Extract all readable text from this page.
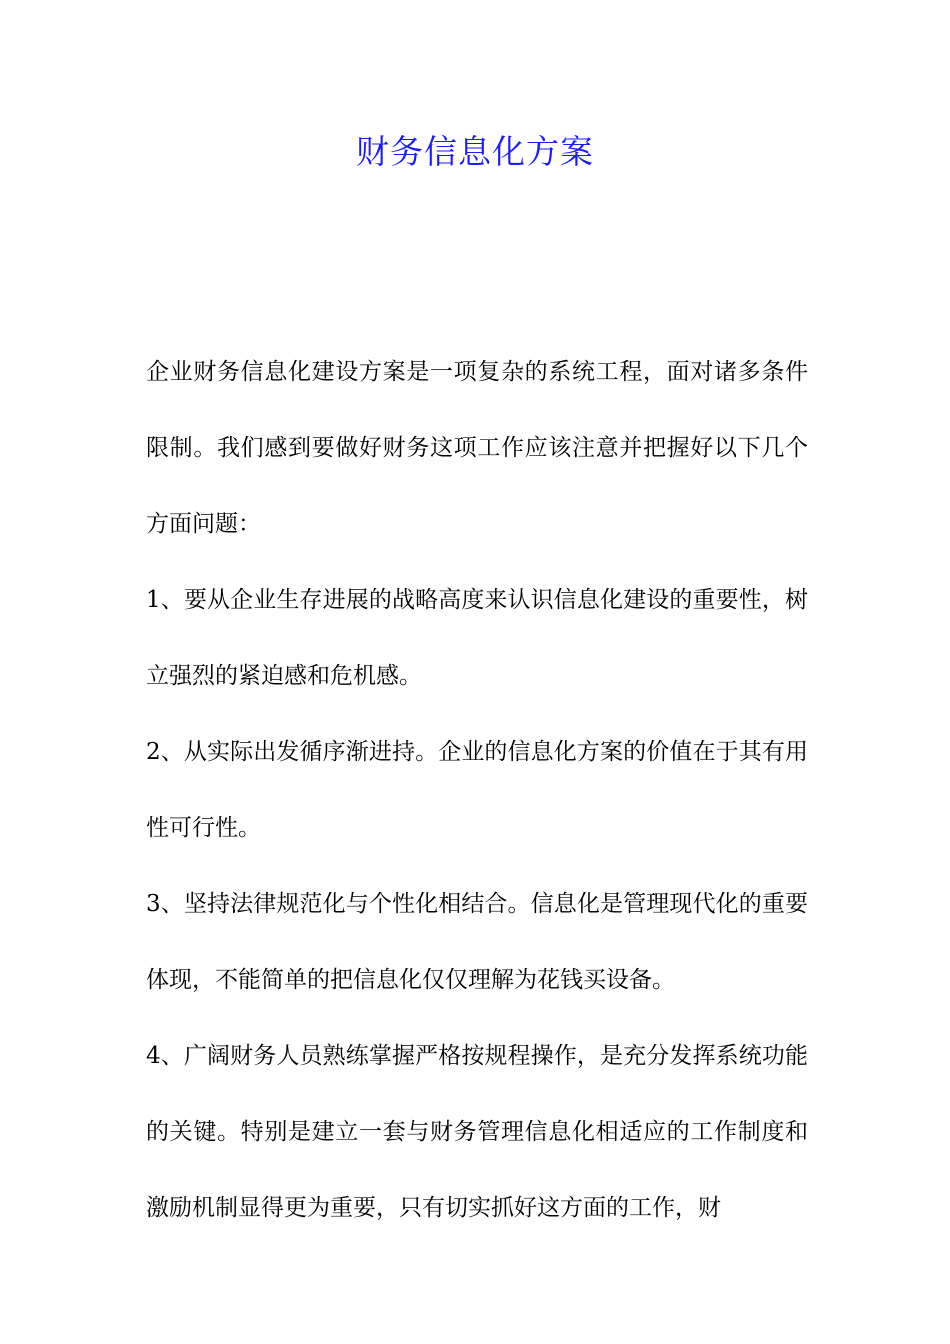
财务信息化方案

企业财务信息化建设方案是一项复杂的系统工程，面对诸多条件限制。我们感到要做好财务这项工作应该注意并把握好以下几个方面问题：

1、要从企业生存进展的战略高度来认识信息化建设的重要性，树立强烈的紧迫感和危机感。

2、从实际出发循序渐进持。企业的信息化方案的价值在于其有用性可行性。

3、坚持法律规范化与个性化相结合。信息化是管理现代化的重要体现，不能简单的把信息化仅仅理解为花钱买设备。

4、广阔财务人员熟练掌握严格按规程操作，是充分发挥系统功能的关键。特别是建立一套与财务管理信息化相适应的工作制度和激励机制显得更为重要，只有切实抓好这方面的工作，财
